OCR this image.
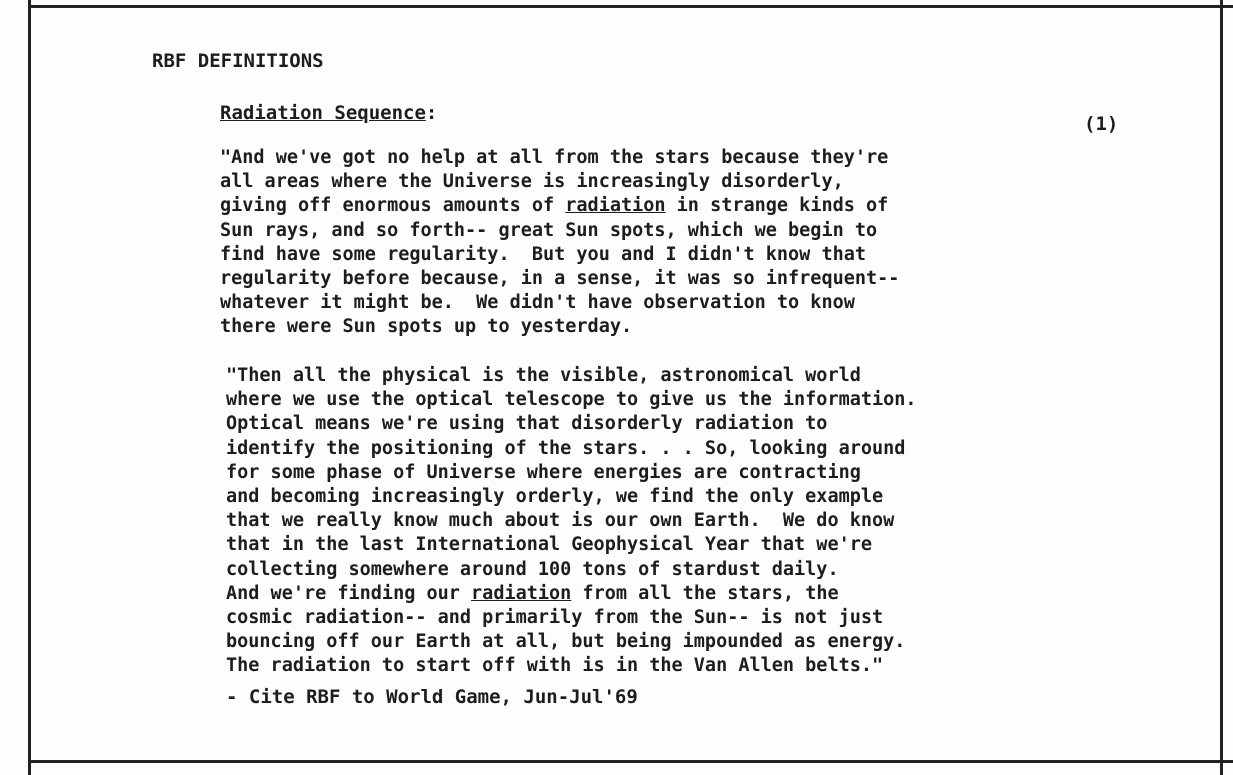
RBF DEFINITIONS
Radiation Sequence:	(1)
"And we've got no help at all from the stars because they're
all areas where the Universe is increasingly disorderly,
giving off enormous amounts of radiation in strange kinds of
Sun rays, and so forth-- great Sun spots, which we begin to
find have some regularity.  But you and I didn't know that
regularity before because, in a sense, it was so infrequent--
whatever it might be.  We didn't have observation to know
there were Sun spots up to yesterday.
"Then all the physical is the visible, astronomical world
where we use the optical telescope to give us the information.
Optical means we're using that disorderly radiation to
identify the positioning of the stars. . . So, looking around
for some phase of Universe where energies are contracting
and becoming increasingly orderly, we find the only example
that we really know much about is our own Earth.  We do know
that in the last International Geophysical Year that we're
collecting somewhere around 100 tons of stardust daily.
And we're finding our radiation from all the stars, the
cosmic radiation-- and primarily from the Sun-- is not just
bouncing off our Earth at all, but being impounded as energy.
The radiation to start off with is in the Van Allen belts."
- Cite RBF to World Game, Jun-Jul'69
